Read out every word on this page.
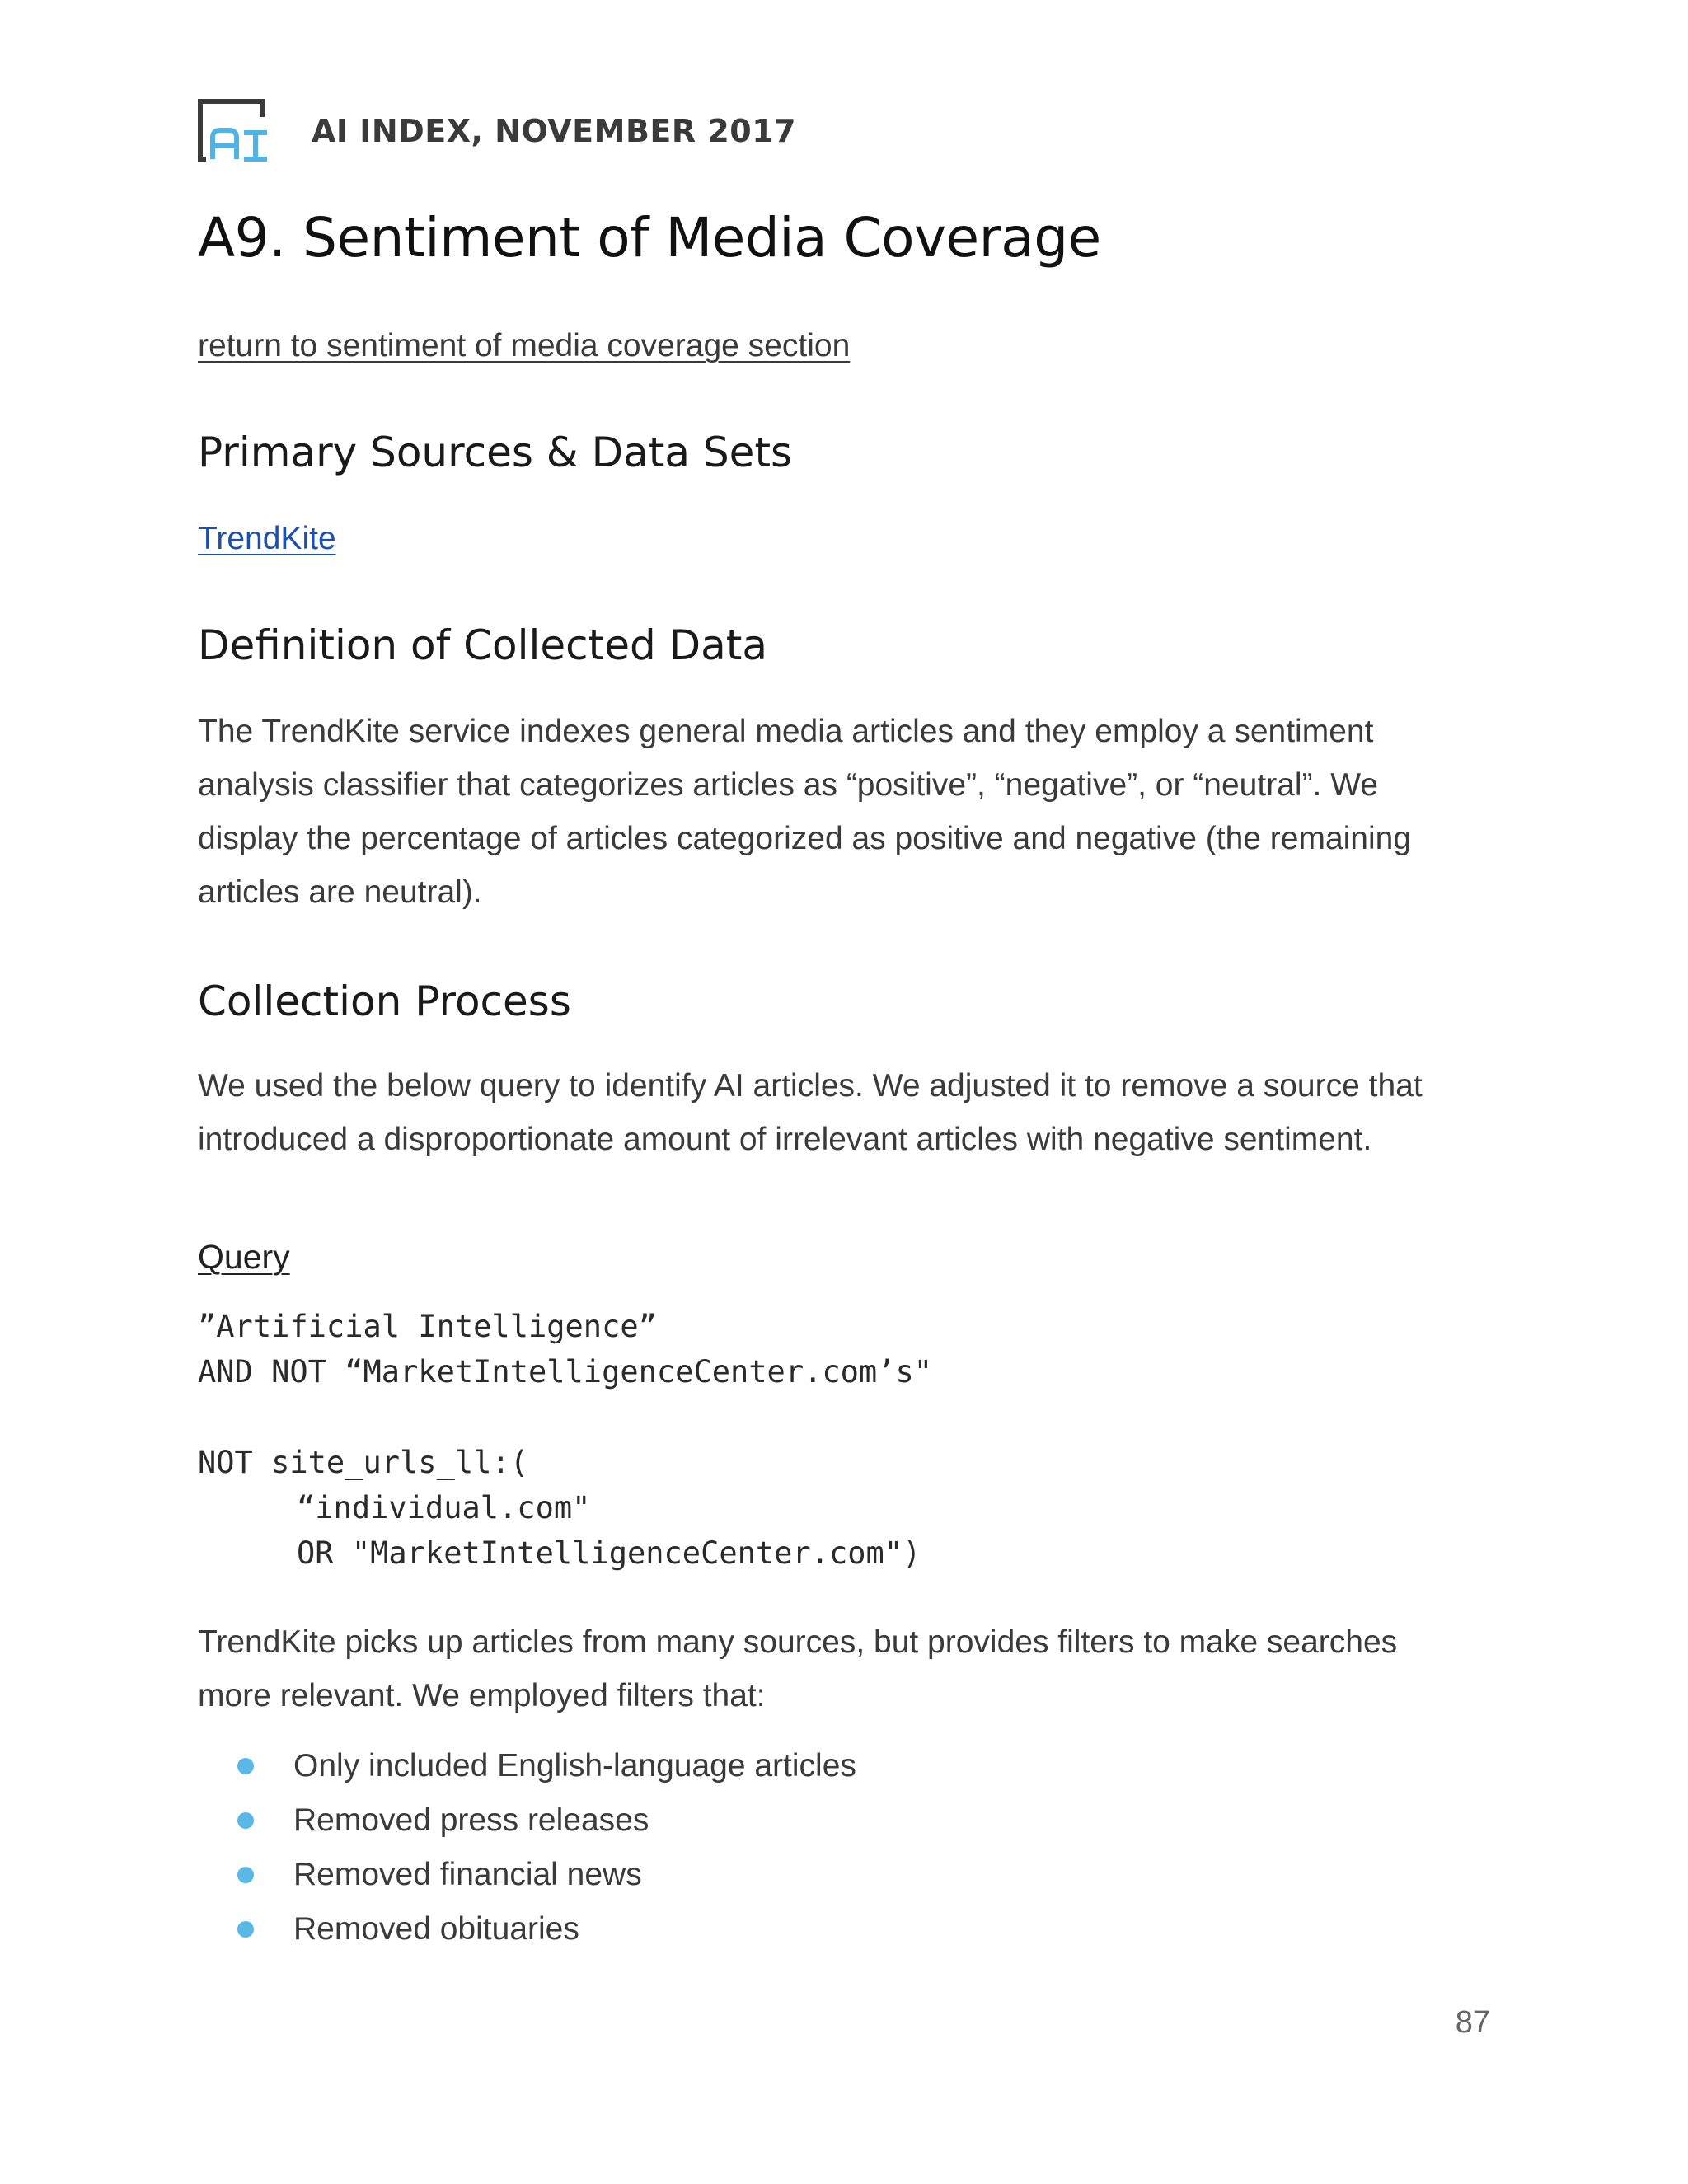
AI INDEX, NOVEMBER 2017
A9. Sentiment of Media Coverage
return to sentiment of media coverage section
Primary Sources & Data Sets
TrendKite
Definition of Collected Data

The TrendKite service indexes general media articles and they employ a sentiment
analysis classifier that categorizes articles as “positive”, “negative”, or “neutral”. We
display the percentage of articles categorized as positive and negative (the remaining
articles are neutral).

Collection Process

We used the below query to identify AI articles. We adjusted it to remove a source that
introduced a disproportionate amount of irrelevant articles with negative sentiment.

Query
”Artificial Intelligence”
AND NOT “MarketIntelligenceCenter.com’s"

NOT site_urls_ll:(
“individual.com"
OR "MarketIntelligenceCenter.com")

TrendKite picks up articles from many sources, but provides filters to make searches
more relevant. We employed filters that:

Only included English-language articles
Removed press releases
Removed financial news
Removed obituaries
87
